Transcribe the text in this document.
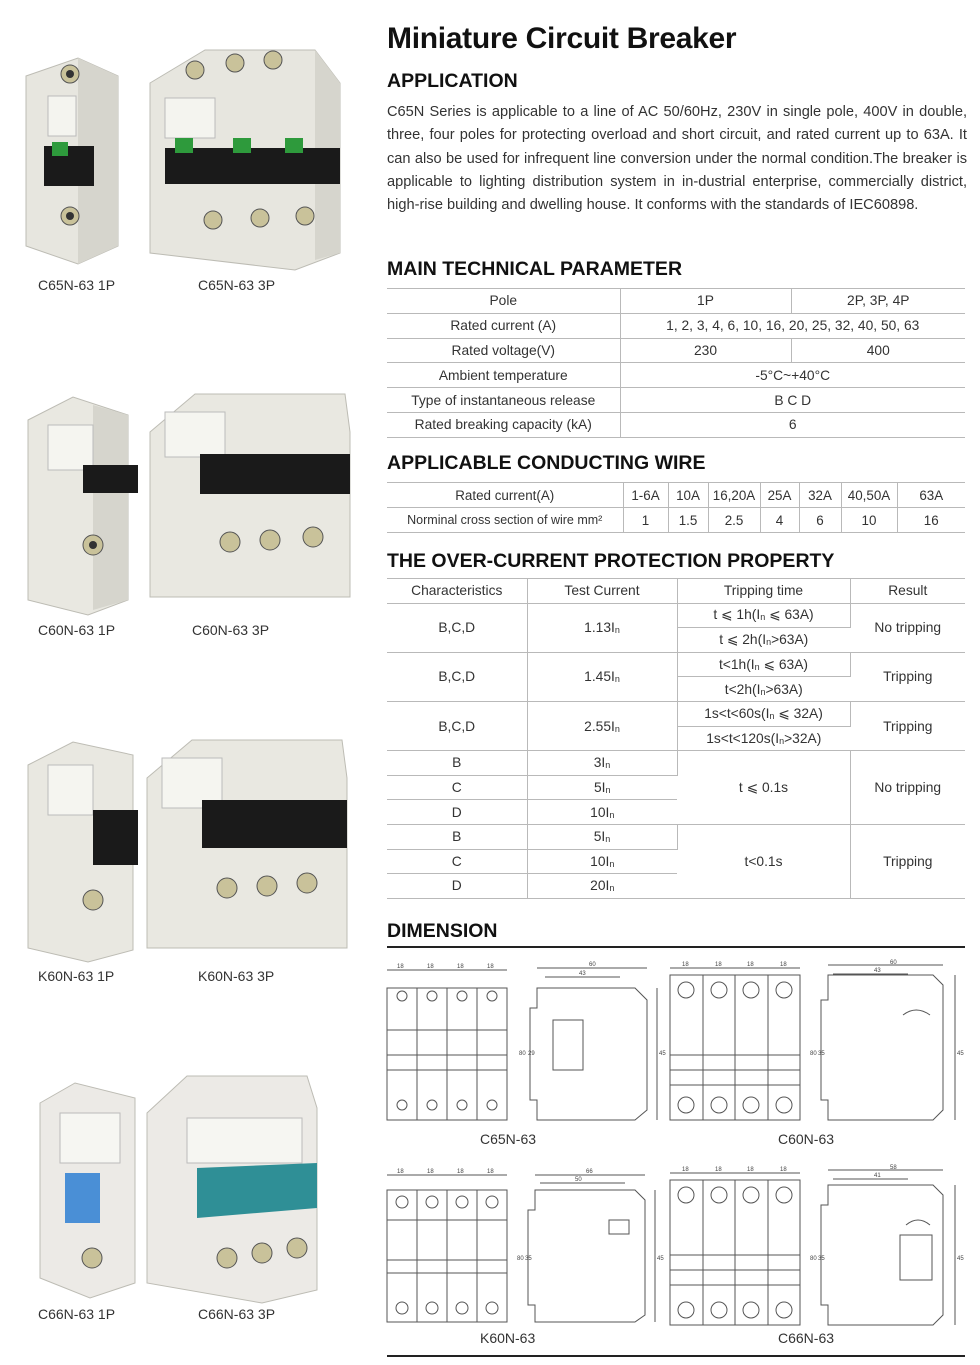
C65N-63 1P	C65N-63 3P
C60N-63 1P	C60N-63 3P
K60N-63 1P	K60N-63 3P
C66N-63 1P	C66N-63 3P
Miniature Circuit Breaker
APPLICATION
C65N Series is applicable to a line of AC 50/60Hz, 230V in single pole, 400V in double, three, four poles for protecting overload and short circuit, and rated current up to 63A. It can also be used for infrequent line conversion under the normal condition.The breaker is applicable to lighting distribution system in in-dustrial enterprise, commercially district, high-rise building and dwelling house. It conforms with the standards of IEC60898.
MAIN TECHNICAL PARAMETER
Pole	1P	2P, 3P, 4P
Rated current (A)	1, 2, 3, 4, 6, 10, 16, 20, 25, 32, 40, 50, 63	
Rated voltage(V)	230	400
Ambient temperature	-5°C~+40°C	
Type of instantaneous release	B C D	
Rated breaking capacity (kA)	6	
APPLICABLE CONDUCTING WIRE
Rated current(A)	1-6A	10A	16,20A	25A	32A	40,50A	63A
Norminal cross section of wire mm²	1	1.5	2.5	4	6	10	16
THE OVER-CURRENT PROTECTION PROPERTY
Characteristics	Test Current	Tripping time	Result
B,C,D	$1.13I_n$	t ⩽ $1h(I_n$ ⩽ 63A)	No tripping
		t ⩽ $2h(I_n>63A)$	
B,C,D	$1.45I_n$	$t<1h(I_n$ ⩽ 63A)	Tripping
		$t<2h(I_n>63A)$	
B,C,D	$2.55I_n$	$1s<t<60s(I_n$ ⩽ 32A)	Tripping
		$1s<t<120s(I_n>32A)$	
B	$3I_n$	t ⩽ 0.1s	No tripping
C	$5I_n$
D	$10I_n$
B	$5I_n$	t<0.1s	Tripping
C	$10I_n$
D	$20I_n$
DIMENSION
18	18	18	18	60
43
80 29	45
C65N-63
18	18	18	18	60
43
80 35	45
C60N-63
18	18	18	18	66
50
80 35	45
K60N-63
18	18	18	18	58
41
80 35	45
C66N-63
